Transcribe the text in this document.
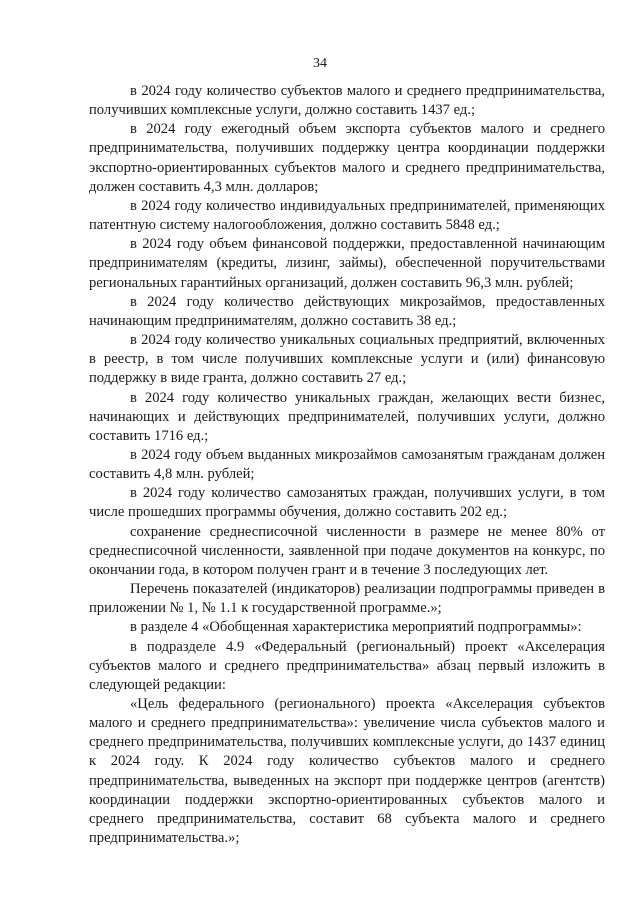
34

в 2024 году количество субъектов малого и среднего предпринимательства, получивших комплексные услуги, должно составить 1437 ед.;

в 2024 году ежегодный объем экспорта субъектов малого и среднего предпринимательства, получивших поддержку центра координации поддержки экспортно-ориентированных субъектов малого и среднего предпринимательства, должен составить 4,3 млн. долларов;

в 2024 году количество индивидуальных предпринимателей, применяющих патентную систему налогообложения, должно составить 5848 ед.;

в 2024 году объем финансовой поддержки, предоставленной начинающим предпринимателям (кредиты, лизинг, займы), обеспеченной поручительствами региональных гарантийных организаций, должен составить 96,3 млн. рублей;

в 2024 году количество действующих микрозаймов, предоставленных начинающим предпринимателям, должно составить 38 ед.;

в 2024 году количество уникальных социальных предприятий, включенных в реестр, в том числе получивших комплексные услуги и (или) финансовую поддержку в виде гранта, должно составить 27 ед.;

в 2024 году количество уникальных граждан, желающих вести бизнес, начинающих и действующих предпринимателей, получивших услуги, должно составить 1716 ед.;

в 2024 году объем выданных микрозаймов самозанятым гражданам должен составить 4,8 млн. рублей;

в 2024 году количество самозанятых граждан, получивших услуги, в том числе прошедших программы обучения, должно составить 202 ед.;

сохранение среднесписочной численности в размере не менее 80% от среднесписочной численности, заявленной при подаче документов на конкурс, по окончании года, в котором получен грант и в течение 3 последующих лет.

Перечень показателей (индикаторов) реализации подпрограммы приведен в приложении № 1, № 1.1 к государственной программе.»;

в разделе 4 «Обобщенная характеристика мероприятий подпрограммы»:

в подразделе 4.9 «Федеральный (региональный) проект «Акселерация субъектов малого и среднего предпринимательства» абзац первый изложить в следующей редакции:

«Цель федерального (регионального) проекта «Акселерация субъектов малого и среднего предпринимательства»: увеличение числа субъектов малого и среднего предпринимательства, получивших комплексные услуги, до 1437 единиц к 2024 году. К 2024 году количество субъектов малого и среднего предпринимательства, выведенных на экспорт при поддержке центров (агентств) координации поддержки экспортно-ориентированных субъектов малого и среднего предпринимательства, составит 68 субъекта малого и среднего предпринимательства.»;
